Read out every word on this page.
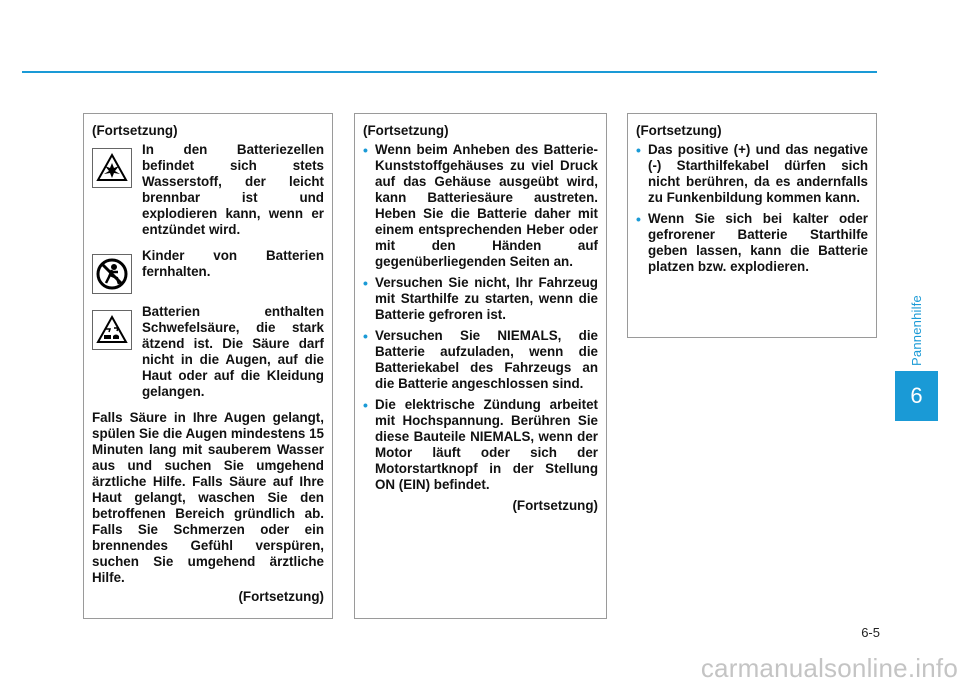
Pannenhilfe
6
(Fortsetzung)
In den Batteriezellen befindet sich stets Wasserstoff, der leicht brennbar ist und explodieren kann, wenn er entzündet wird.
Kinder von Batterien fernhalten.
Batterien enthalten Schwefelsäure, die stark ätzend ist. Die Säure darf nicht in die Augen, auf die Haut oder auf die Kleidung gelangen.

Falls Säure in Ihre Augen gelangt, spülen Sie die Augen mindestens 15 Minuten lang mit sauberem Wasser aus und suchen Sie umgehend ärztliche Hilfe. Falls Säure auf Ihre Haut gelangt, waschen Sie den betroffenen Bereich gründlich ab. Falls Sie Schmerzen oder ein brennendes Gefühl verspüren, suchen Sie umgehend ärztliche Hilfe.

(Fortsetzung)
(Fortsetzung)
• Wenn beim Anheben des Batterie-Kunststoffgehäuses zu viel Druck auf das Gehäuse ausgeübt wird, kann Batteriesäure austreten. Heben Sie die Batterie daher mit einem entsprechenden Heber oder mit den Händen auf gegenüberliegenden Seiten an.
• Versuchen Sie nicht, Ihr Fahrzeug mit Starthilfe zu starten, wenn die Batterie gefroren ist.
• Versuchen Sie NIEMALS, die Batterie aufzuladen, wenn die Batteriekabel des Fahrzeugs an die Batterie angeschlossen sind.
• Die elektrische Zündung arbeitet mit Hochspannung. Berühren Sie diese Bauteile NIEMALS, wenn der Motor läuft oder sich der Motorstartknopf in der Stellung ON (EIN) befindet.
(Fortsetzung)
(Fortsetzung)
• Das positive (+) und das negative (-) Starthilfekabel dürfen sich nicht berühren, da es andernfalls zu Funkenbildung kommen kann.
• Wenn Sie sich bei kalter oder gefrorener Batterie Starthilfe geben lassen, kann die Batterie platzen bzw. explodieren.
6-5
carmanualsonline.info
